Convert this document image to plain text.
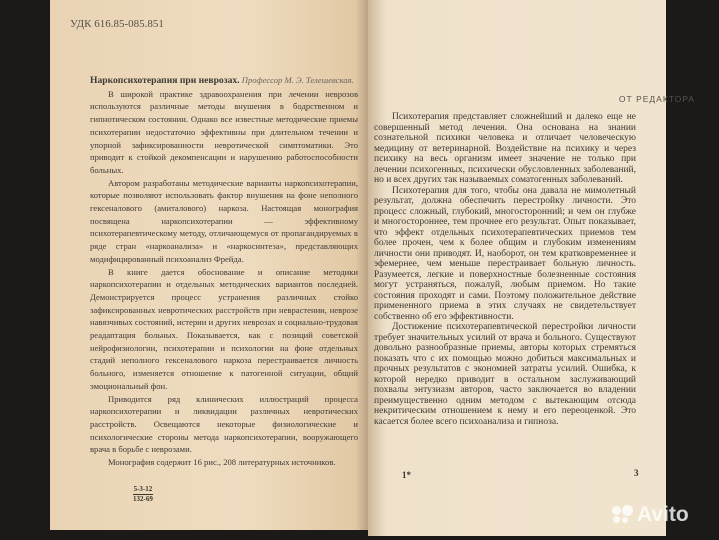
УДК 616.85-085.851

Наркопсихотерапия при неврозах. Профессор М. Э. Телешевская.

В широкой практике здравоохранения при лечении неврозов используются различные методы внушения в бодрственном и гипнотическом состоянии. Однако все известные методические приемы психотерапии недостаточно эффективны при длительном течении и упорной зафиксированности невротической симптоматики. Это приводит к стойкой декомпенсации и нарушению работоспособности больных.

Автором разработаны методические варианты наркопсихотерапии, которые позволяют использовать фактор внушения на фоне неполного гексеналового (амиталового) наркоза. Настоящая монография посвящена наркопсихотерапии — эффективному психотерапевтическому методу, отличающемуся от пропагандируемых в ряде стран «наркоанализа» и «наркосинтеза», представляющих модифицированный психоанализ Фрейда.

В книге дается обоснование и описание методики наркопсихотерапии и отдельных методических вариантов последней. Демонстрируется процесс устранения различных стойко зафиксированных невротических расстройств при неврастении, неврозе навязчивых состояний, истерии и других неврозах и социально-трудовая реадаптация больных. Показывается, как с позиций советской нейрофизиологии, психотерапии и психологии на фоне отдельных стадий неполного гексеналового наркоза перестраивается личность больного, изменяется отношение к патогенной ситуации, общий эмоциональный фон.

Приводится ряд клинических иллюстраций процесса наркопсихотерапии и ликвидации различных невротических расстройств. Освещаются некоторые физиологические и психологические стороны метода наркопсихотерапии, вооружающего врача в борьбе с неврозами.

Монография содержит 16 рис., 208 литературных источников.

5-3-12
132-69
ОТ РЕДАКТОРА

Психотерапия представляет сложнейший и далеко еще не совершенный метод лечения. Она основана на знании сознательной психики человека и отличает человеческую медицину от ветеринарной. Воздействие на психику и через психику на весь организм имеет значение не только при лечении психогенных, психически обусловленных заболеваний, но и всех других так называемых соматогенных заболеваний.

Психотерапия для того, чтобы она давала не мимолетный результат, должна обеспечить перестройку личности. Это процесс сложный, глубокий, многосторонний; и чем он глубже и многостороннее, тем прочнее его результат. Опыт показывает, что эффект отдельных психотерапевтических приемов тем более прочен, чем к более общим и глубоким изменениям личности они приводят. И, наоборот, он тем кратковременнее и эфемернее, чем меньше перестраивает больную личность. Разумеется, легкие и поверхностные болезненные состояния могут устраняться, пожалуй, любым приемом. Но такие состояния проходят и сами. Поэтому положительное действие примененного приема в этих случаях не свидетельствует собственно об его эффективности.

Достижение психотерапевтической перестройки личности требует значительных усилий от врача и больного. Существуют довольно разнообразные приемы, авторы которых стремяться показать что с их помощью можно добиться максимальных и прочных результатов с экономией затраты усилий. Ошибка, к которой нередко приводит в остальном заслуживающий похвалы энтузиазм авторов, часто заключается во владении преимущественно одним методом с вытекающим отсюда некритическим отношением к нему и его переоценкой. Это касается более всего психоанализа и гипноза.

1*	3
Avito
